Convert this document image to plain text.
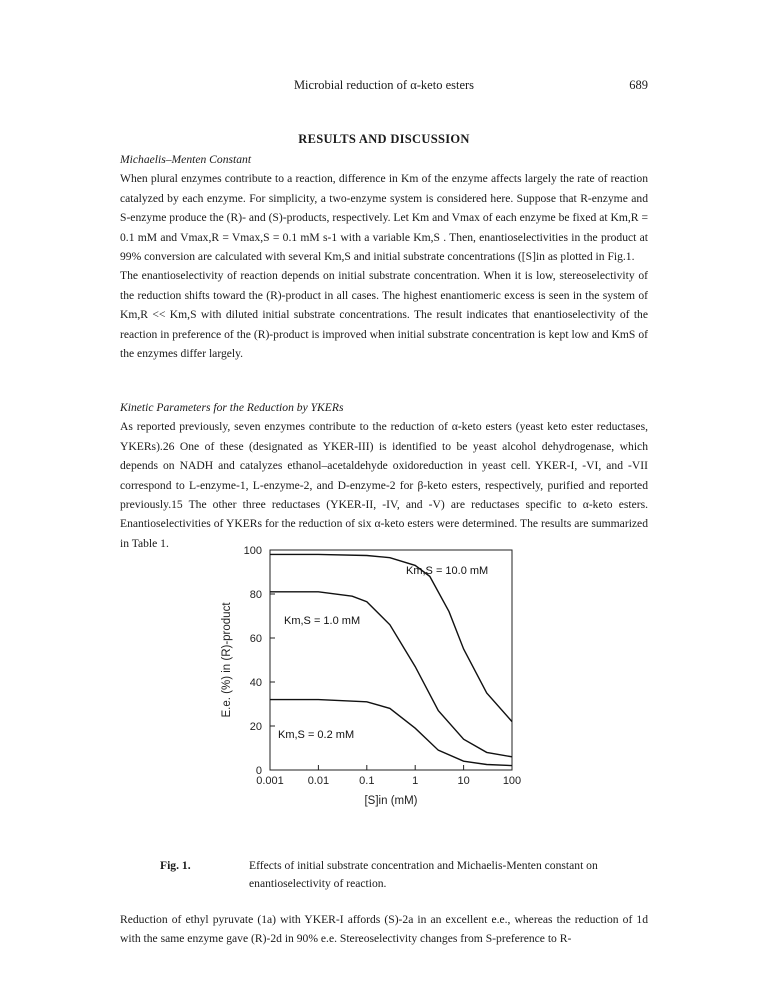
Microbial reduction of α-keto esters	689
RESULTS AND DISCUSSION
Michaelis–Menten Constant

When plural enzymes contribute to a reaction, difference in Km of the enzyme affects largely the rate of reaction catalyzed by each enzyme. For simplicity, a two-enzyme system is considered here. Suppose that R-enzyme and S-enzyme produce the (R)- and (S)-products, respectively. Let Km and Vmax of each enzyme be fixed at Km,R = 0.1 mM and Vmax,R = Vmax,S = 0.1 mM s-1 with a variable Km,S . Then, enantioselectivities in the product at 99% conversion are calculated with several Km,S and initial substrate concentrations ([S]in as plotted in Fig.1.

The enantioselectivity of reaction depends on initial substrate concentration. When it is low, stereoselectivity of the reduction shifts toward the (R)-product in all cases. The highest enantiomeric excess is seen in the system of Km,R << Km,S with diluted initial substrate concentrations. The result indicates that enantioselectivity of the reaction in preference of the (R)-product is improved when initial substrate concentration is kept low and KmS of the enzymes differ largely.

Kinetic Parameters for the Reduction by YKERs

As reported previously, seven enzymes contribute to the reduction of α-keto esters (yeast keto ester reductases, YKERs).26 One of these (designated as YKER-III) is identified to be yeast alcohol dehydrogenase, which depends on NADH and catalyzes ethanol–acetaldehyde oxidoreduction in yeast cell. YKER-I, -VI, and -VII correspond to L-enzyme-1, L-enzyme-2, and D-enzyme-2 for β-keto esters, respectively, purified and reported previously.15 The other three reductases (YKER-II, -IV, and -V) are reductases specific to α-keto esters. Enantioselectivities of YKERs for the reduction of six α-keto esters were determined. The results are summarized in Table 1.

0
20
40
60
80
100
0.001 0.01	0.1	1	10	100
Km,S = 10.0 mM
Km,S = 1.0 mM
Km,S = 0.2 mM
[S]in (mM)
E.e. (%) in (R)-product
Fig. 1.	Effects of initial substrate concentration and Michaelis-Menten constant on enantioselectivity of reaction.
Reduction of ethyl pyruvate (1a) with YKER-I affords (S)-2a in an excellent e.e., whereas the reduction of 1d with the same enzyme gave (R)-2d in 90% e.e. Stereoselectivity changes from S-preference to R-
